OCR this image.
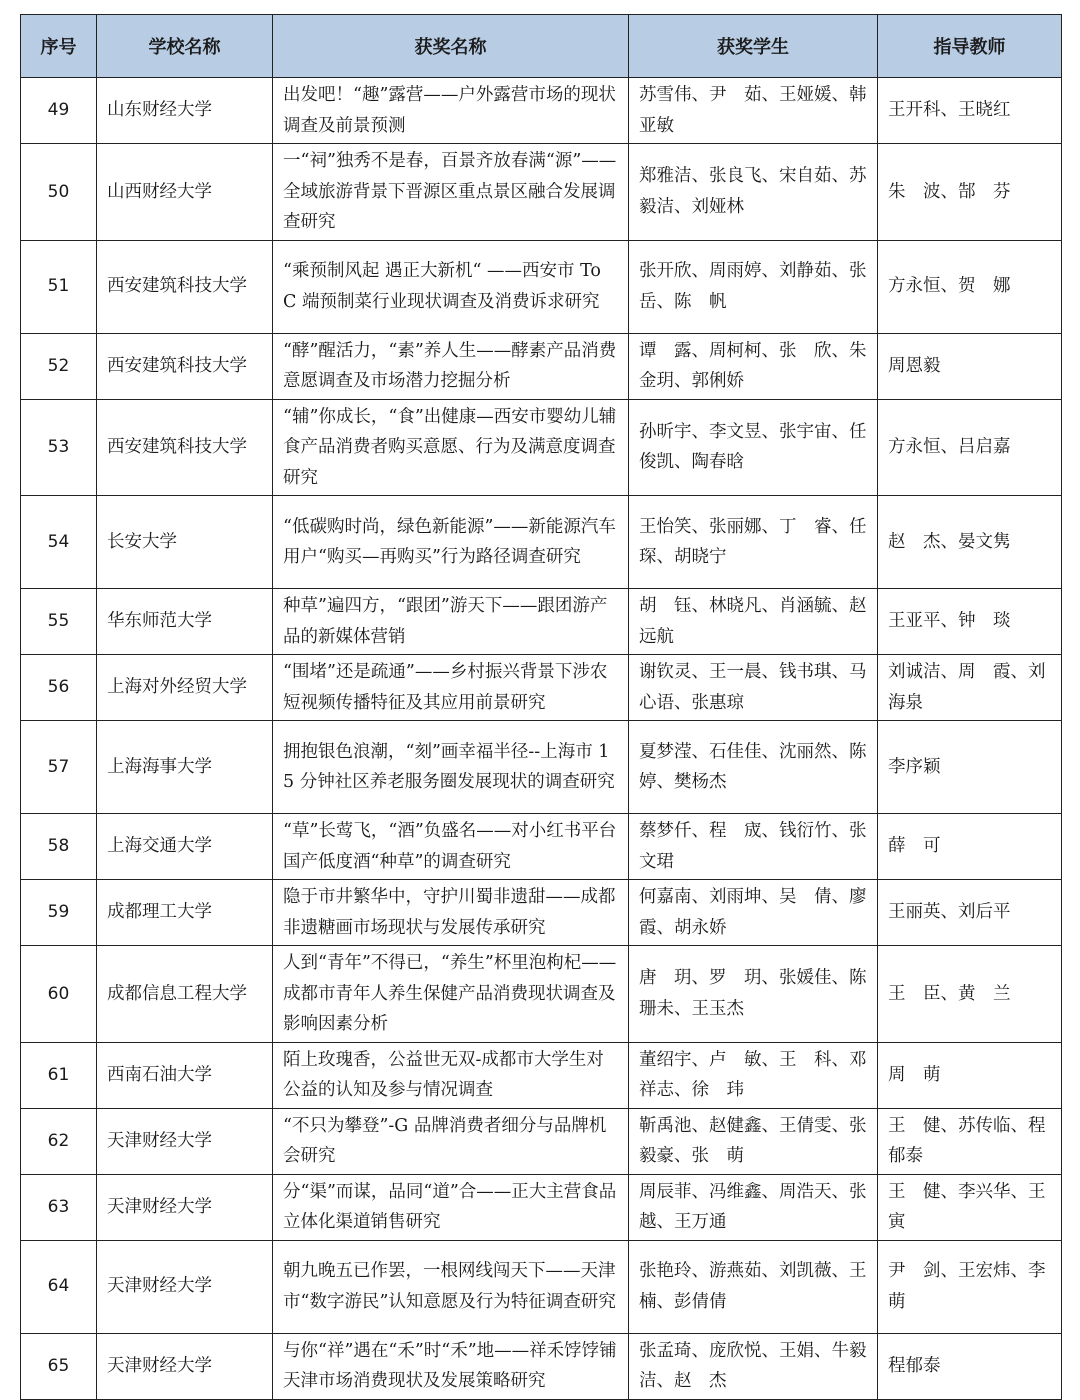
序号	学校名称	获奖名称	获奖学生	指导教师
49	山东财经大学	出发吧！“趣”露营——户外露营市场的现状调查及前景预测	苏雪伟、尹　茹、王娅媛、韩亚敏	王开科、王晓红
50	山西财经大学	一“祠”独秀不是春，百景齐放春满“源”——全域旅游背景下晋源区重点景区融合发展调查研究	郑雅洁、张良飞、宋自茹、苏毅洁、刘娅林	朱　波、郜　芬
51	西安建筑科技大学	“乘预制风起 遇正大新机“ ——西安市 To C 端预制菜行业现状调查及消费诉求研究	张开欣、周雨婷、刘静茹、张　岳、陈　帆	方永恒、贺　娜
52	西安建筑科技大学	“酵”醒活力，“素”养人生——酵素产品消费意愿调查及市场潜力挖掘分析	谭　露、周柯柯、张　欣、朱金玥、郭俐娇	周恩毅
53	西安建筑科技大学	“辅”你成长，“食”出健康—西安市婴幼儿辅食产品消费者购买意愿、行为及满意度调查研究	孙昕宇、李文昱、张宇宙、任俊凯、陶春晗	方永恒、吕启嘉
54	长安大学	“低碳购时尚，绿色新能源”——新能源汽车用户“购买—再购买”行为路径调查研究	王怡笑、张丽娜、丁　睿、任　琛、胡晓宁	赵　杰、晏文隽
55	华东师范大学	种草”遍四方，“跟团”游天下——跟团游产品的新媒体营销	胡　钰、林晓凡、肖涵毓、赵远航	王亚平、钟　琰
56	上海对外经贸大学	“围堵”还是疏通”——乡村振兴背景下涉农短视频传播特征及其应用前景研究	谢钦灵、王一晨、钱书琪、马心语、张惠琼	刘诚洁、周　霞、刘海泉
57	上海海事大学	拥抱银色浪潮，“刻”画幸福半径--上海市 15 分钟社区养老服务圈发展现状的调查研究	夏梦滢、石佳佳、沈丽然、陈　婷、樊杨杰	李序颖
58	上海交通大学	“草”长莺飞，“酒”负盛名——对小红书平台国产低度酒“种草”的调查研究	蔡梦仟、程　宬、钱衍竹、张文珺	薛　可
59	成都理工大学	隐于市井繁华中，守护川蜀非遗甜——成都非遗糖画市场现状与发展传承研究	何嘉南、刘雨坤、吴　倩、廖　霞、胡永娇	王丽英、刘后平
60	成都信息工程大学	人到“青年”不得已，“养生”杯里泡枸杞——成都市青年人养生保健产品消费现状调查及影响因素分析	唐　玥、罗　玥、张媛佳、陈珊未、王玉杰	王　臣、黄　兰
61	西南石油大学	陌上玫瑰香，公益世无双-成都市大学生对公益的认知及参与情况调查	董绍宇、卢　敏、王　科、邓祥志、徐　玮	周　萌
62	天津财经大学	“不只为攀登”-G 品牌消费者细分与品牌机会研究	靳禹池、赵健鑫、王倩雯、张毅豪、张　萌	王　健、苏传临、程郁泰
63	天津财经大学	分“渠”而谋，品同“道”合——正大主营食品立体化渠道销售研究	周辰菲、冯维鑫、周浩天、张　越、王万通	王　健、李兴华、王　寅
64	天津财经大学	朝九晚五已作罢，一根网线闯天下——天津市“数字游民”认知意愿及行为特征调查研究	张艳玲、游燕茹、刘凯薇、王　楠、彭倩倩	尹　剑、王宏炜、李　萌
65	天津财经大学	与你“祥”遇在“禾”时“禾”地——祥禾饽饽铺天津市场消费现状及发展策略研究	张孟琦、庞欣悦、王娟、牛毅洁、赵　杰	程郁泰
